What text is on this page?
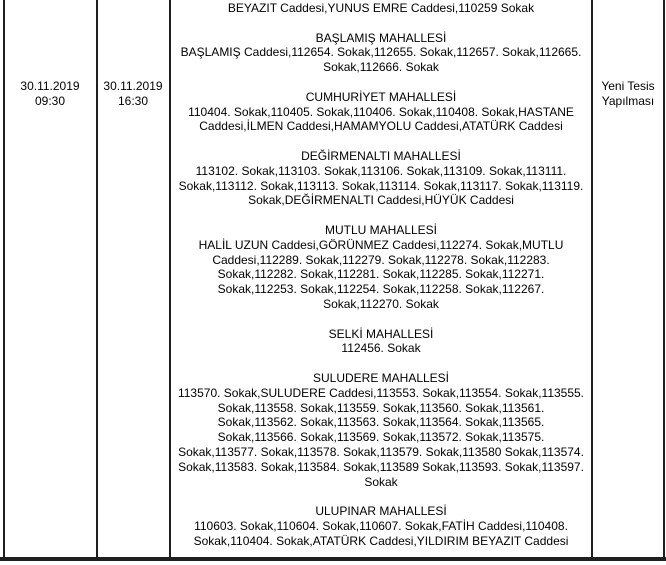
30.11.2019
09:30
30.11.2019
16:30
BEYAZIT Caddesi,YUNUS EMRE Caddesi,110259 Sokak
BAŞLAMIŞ MAHALLESİ
BAŞLAMIŞ Caddesi,112654. Sokak,112655. Sokak,112657. Sokak,112665. Sokak,112666. Sokak
CUMHURİYET MAHALLESİ
110404. Sokak,110405. Sokak,110406. Sokak,110408. Sokak,HASTANE Caddesi,İLMEN Caddesi,HAMAMYOLU Caddesi,ATATÜRK Caddesi
DEĞİRMENALTI MAHALLESİ
113102. Sokak,113103. Sokak,113106. Sokak,113109. Sokak,113111. Sokak,113112. Sokak,113113. Sokak,113114. Sokak,113117. Sokak,113119. Sokak,DEĞİRMENALTI Caddesi,HÜYÜK Caddesi
MUTLU MAHALLESİ
HALİL UZUN Caddesi,GÖRÜNMEZ Caddesi,112274. Sokak,MUTLU Caddesi,112289. Sokak,112279. Sokak,112278. Sokak,112283. Sokak,112282. Sokak,112281. Sokak,112285. Sokak,112271. Sokak,112253. Sokak,112254. Sokak,112258. Sokak,112267. Sokak,112270. Sokak
SELKİ MAHALLESİ
112456. Sokak
SULUDERE MAHALLESİ
113570. Sokak,SULUDERE Caddesi,113553. Sokak,113554. Sokak,113555. Sokak,113558. Sokak,113559. Sokak,113560. Sokak,113561. Sokak,113562. Sokak,113563. Sokak,113564. Sokak,113565. Sokak,113566. Sokak,113569. Sokak,113572. Sokak,113575. Sokak,113577. Sokak,113578. Sokak,113579. Sokak,113580 Sokak,113574. Sokak,113583. Sokak,113584. Sokak,113589 Sokak,113593. Sokak,113597. Sokak
ULUPINAR MAHALLESİ
110603. Sokak,110604. Sokak,110607. Sokak,FATİH Caddesi,110408. Sokak,110404. Sokak,ATATÜRK Caddesi,YILDIRIM BEYAZIT Caddesi
Yeni Tesis Yapılması
